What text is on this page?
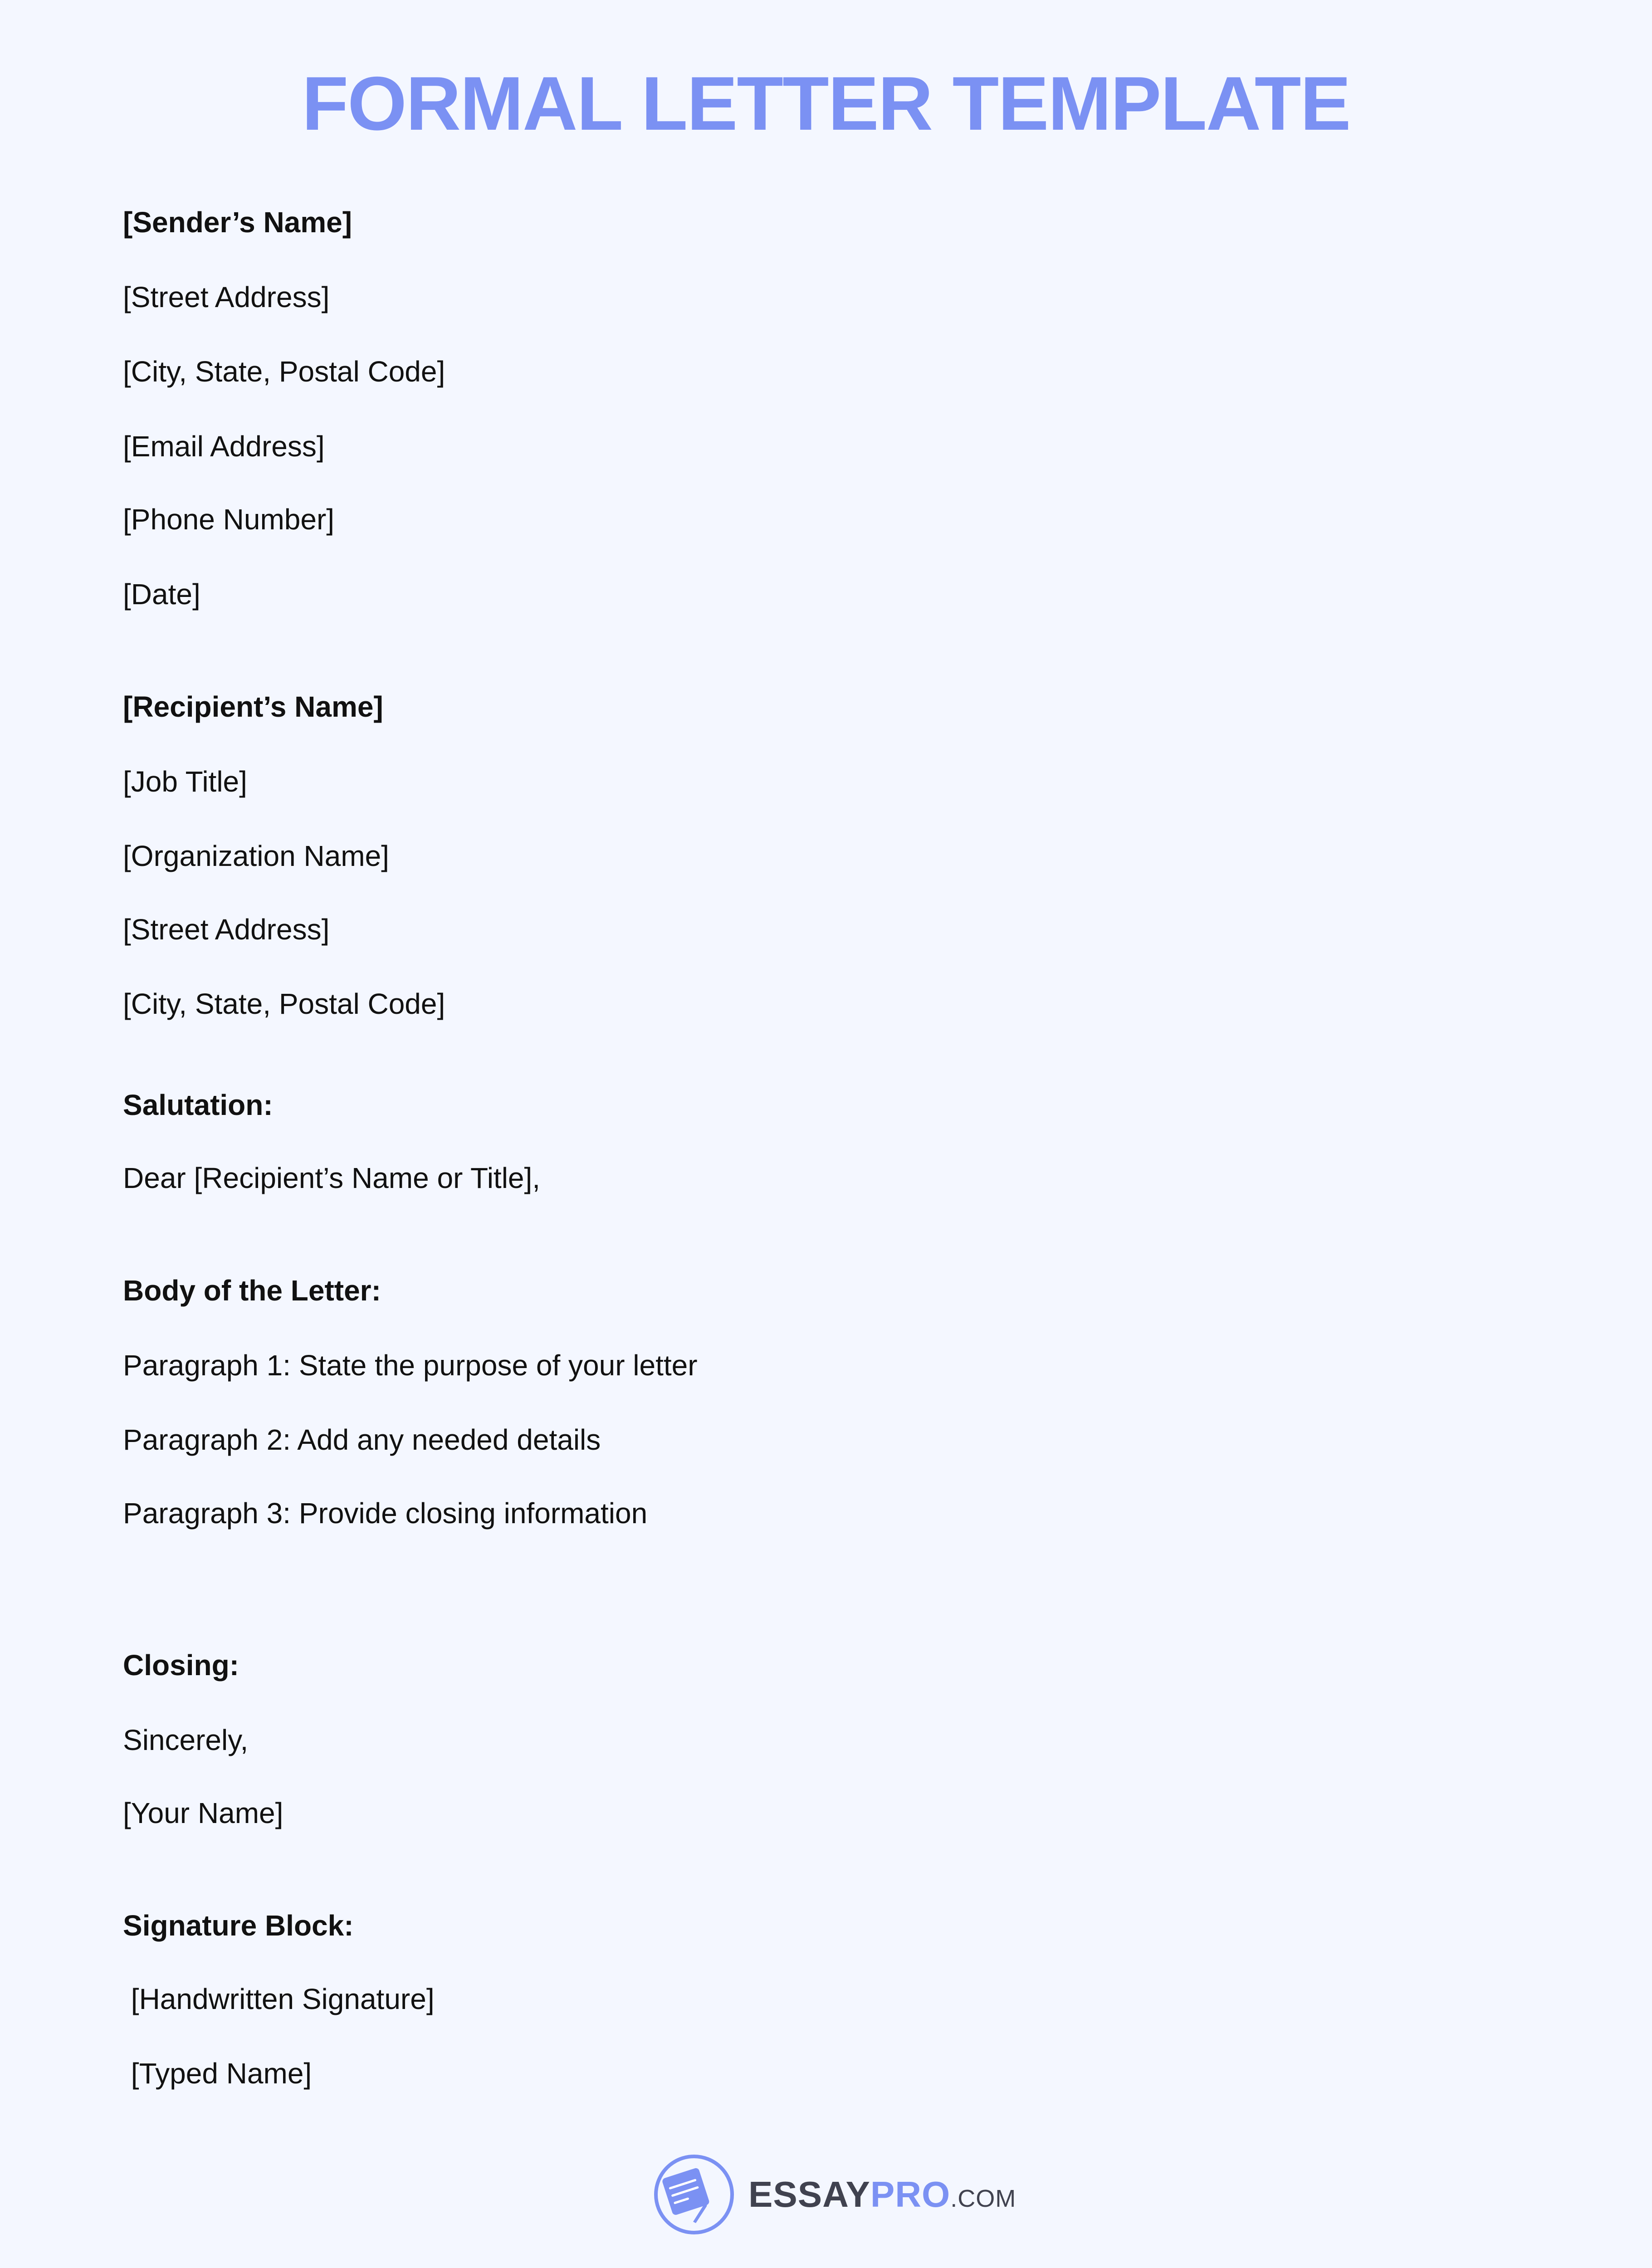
FORMAL LETTER TEMPLATE
[Sender’s Name]
[Street Address]
[City, State, Postal Code]
[Email Address]
[Phone Number]
[Date]
[Recipient’s Name]
[Job Title]
[Organization Name]
[Street Address]
[City, State, Postal Code]
Salutation:
Dear [Recipient’s Name or Title],
Body of the Letter:
Paragraph 1: State the purpose of your letter
Paragraph 2: Add any needed details
Paragraph 3: Provide closing information
Closing:
Sincerely,
[Your Name]
Signature Block:
[Handwritten Signature]
[Typed Name]
ESSAYPRO.COM
